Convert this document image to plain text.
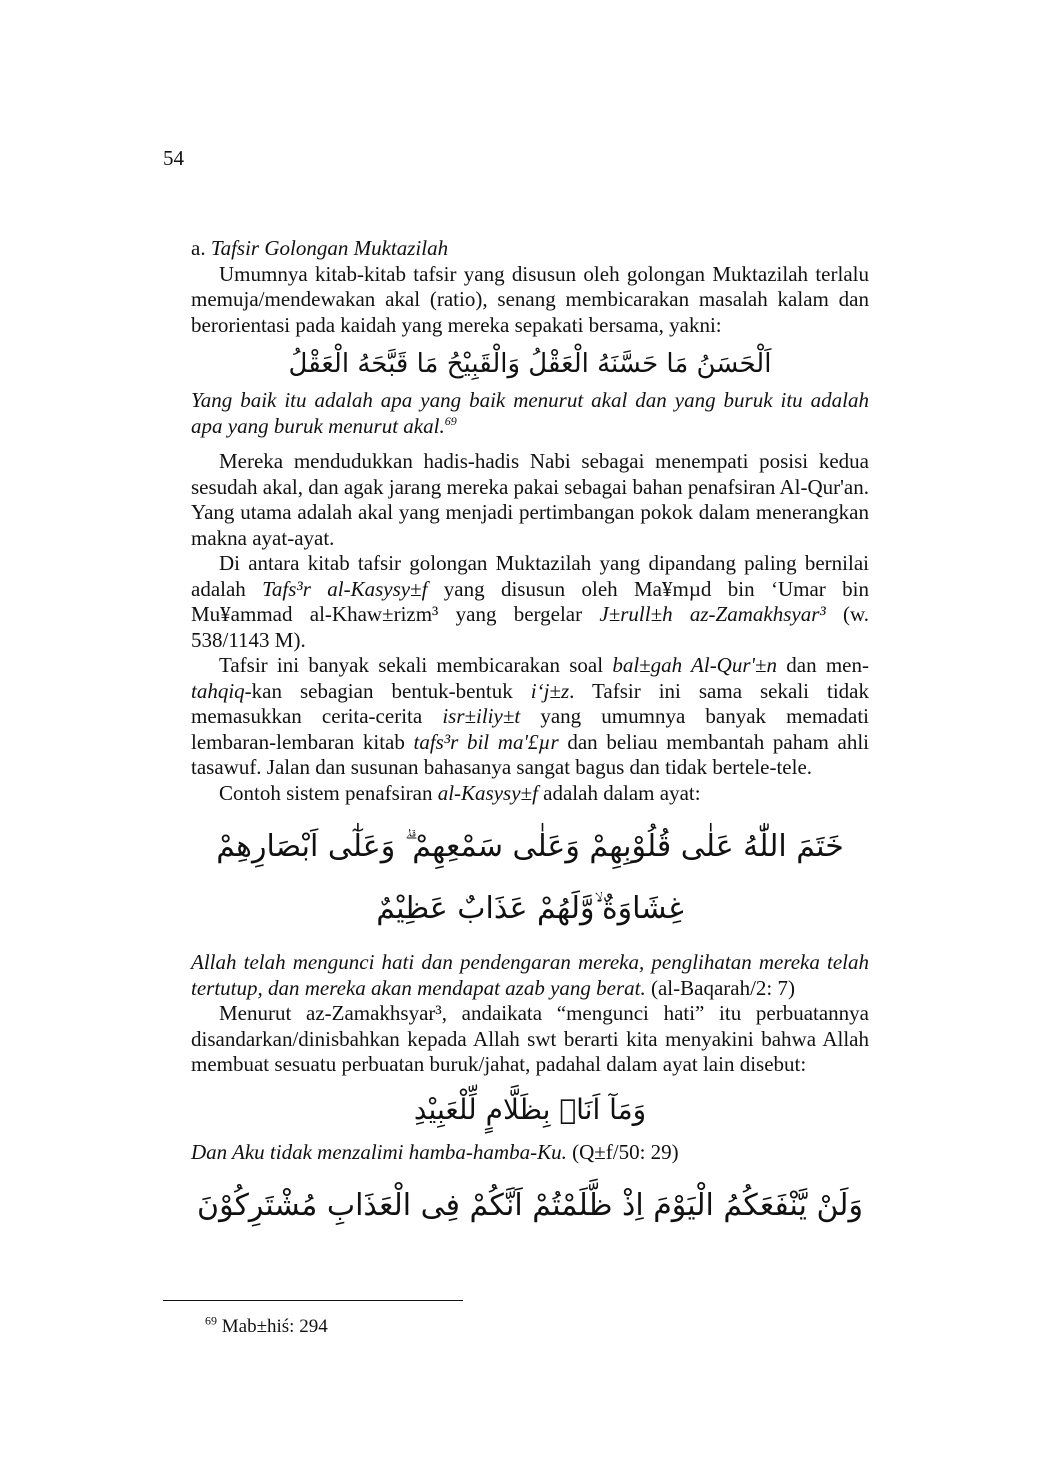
54

a. Tafsir Golongan Muktazilah

Umumnya kitab-kitab tafsir yang disusun oleh golongan Muktazilah terlalu memuja/mendewakan akal (ratio), senang membicarakan masalah kalam dan berorientasi pada kaidah yang mereka sepakati bersama, yakni:

اَلْحَسَنُ مَا حَسَّنَهُ الْعَقْلُ وَالْقَبِيْحُ مَا قَبَّحَهُ الْعَقْلُ

Yang baik itu adalah apa yang baik menurut akal dan yang buruk itu adalah apa yang buruk menurut akal.$^{69}$

Mereka mendudukkan hadis-hadis Nabi sebagai menempati posisi kedua sesudah akal, dan agak jarang mereka pakai sebagai bahan penafsiran Al-Qur'an. Yang utama adalah akal yang menjadi pertimbangan pokok dalam menerangkan makna ayat-ayat.

Di antara kitab tafsir golongan Muktazilah yang dipandang paling bernilai adalah Tafs³r al-Kasysy±f yang disusun oleh Ma¥mµd bin ‘Umar bin Mu¥ammad al-Khaw±rizm³ yang bergelar J±rull±h az-Zamakhsyar³ (w. 538/1143 M).

Tafsir ini banyak sekali membicarakan soal bal±gah Al-Qur'±n dan men-tahqiq-kan sebagian bentuk-bentuk i‘j±z. Tafsir ini sama sekali tidak memasukkan cerita-cerita isr±iliy±t yang umumnya banyak memadati lembaran-lembaran kitab tafs³r bil ma'£µr dan beliau membantah paham ahli tasawuf. Jalan dan susunan bahasanya sangat bagus dan tidak bertele-tele.

Contoh sistem penafsiran al-Kasysy±f adalah dalam ayat:

خَتَمَ اللّٰهُ عَلٰى قُلُوْبِهِمْ وَعَلٰى سَمْعِهِمْ ۗ وَعَلٰٓى اَبْصَارِهِمْ غِشَاوَةٌ ۙوَّلَهُمْ عَذَابٌ عَظِيْمٌ

Allah telah mengunci hati dan pendengaran mereka, penglihatan mereka telah tertutup, dan mereka akan mendapat azab yang berat. (al-Baqarah/2: 7)

Menurut az-Zamakhsyar³, andaikata “mengunci hati” itu perbuatannya disandarkan/dinisbahkan kepada Allah swt berarti kita menyakini bahwa Allah membuat sesuatu perbuatan buruk/jahat, padahal dalam ayat lain disebut:

وَمَآ اَنَا۠ بِظَلَّامٍ لِّلْعَبِيْدِ

Dan Aku tidak menzalimi hamba-hamba-Ku. (Q±f/50: 29)

وَلَنْ يَّنْفَعَكُمُ الْيَوْمَ اِذْ ظَّلَمْتُمْ اَنَّكُمْ فِى الْعَذَابِ مُشْتَرِكُوْنَ
$^{69}$ Mab±hiś: 294
